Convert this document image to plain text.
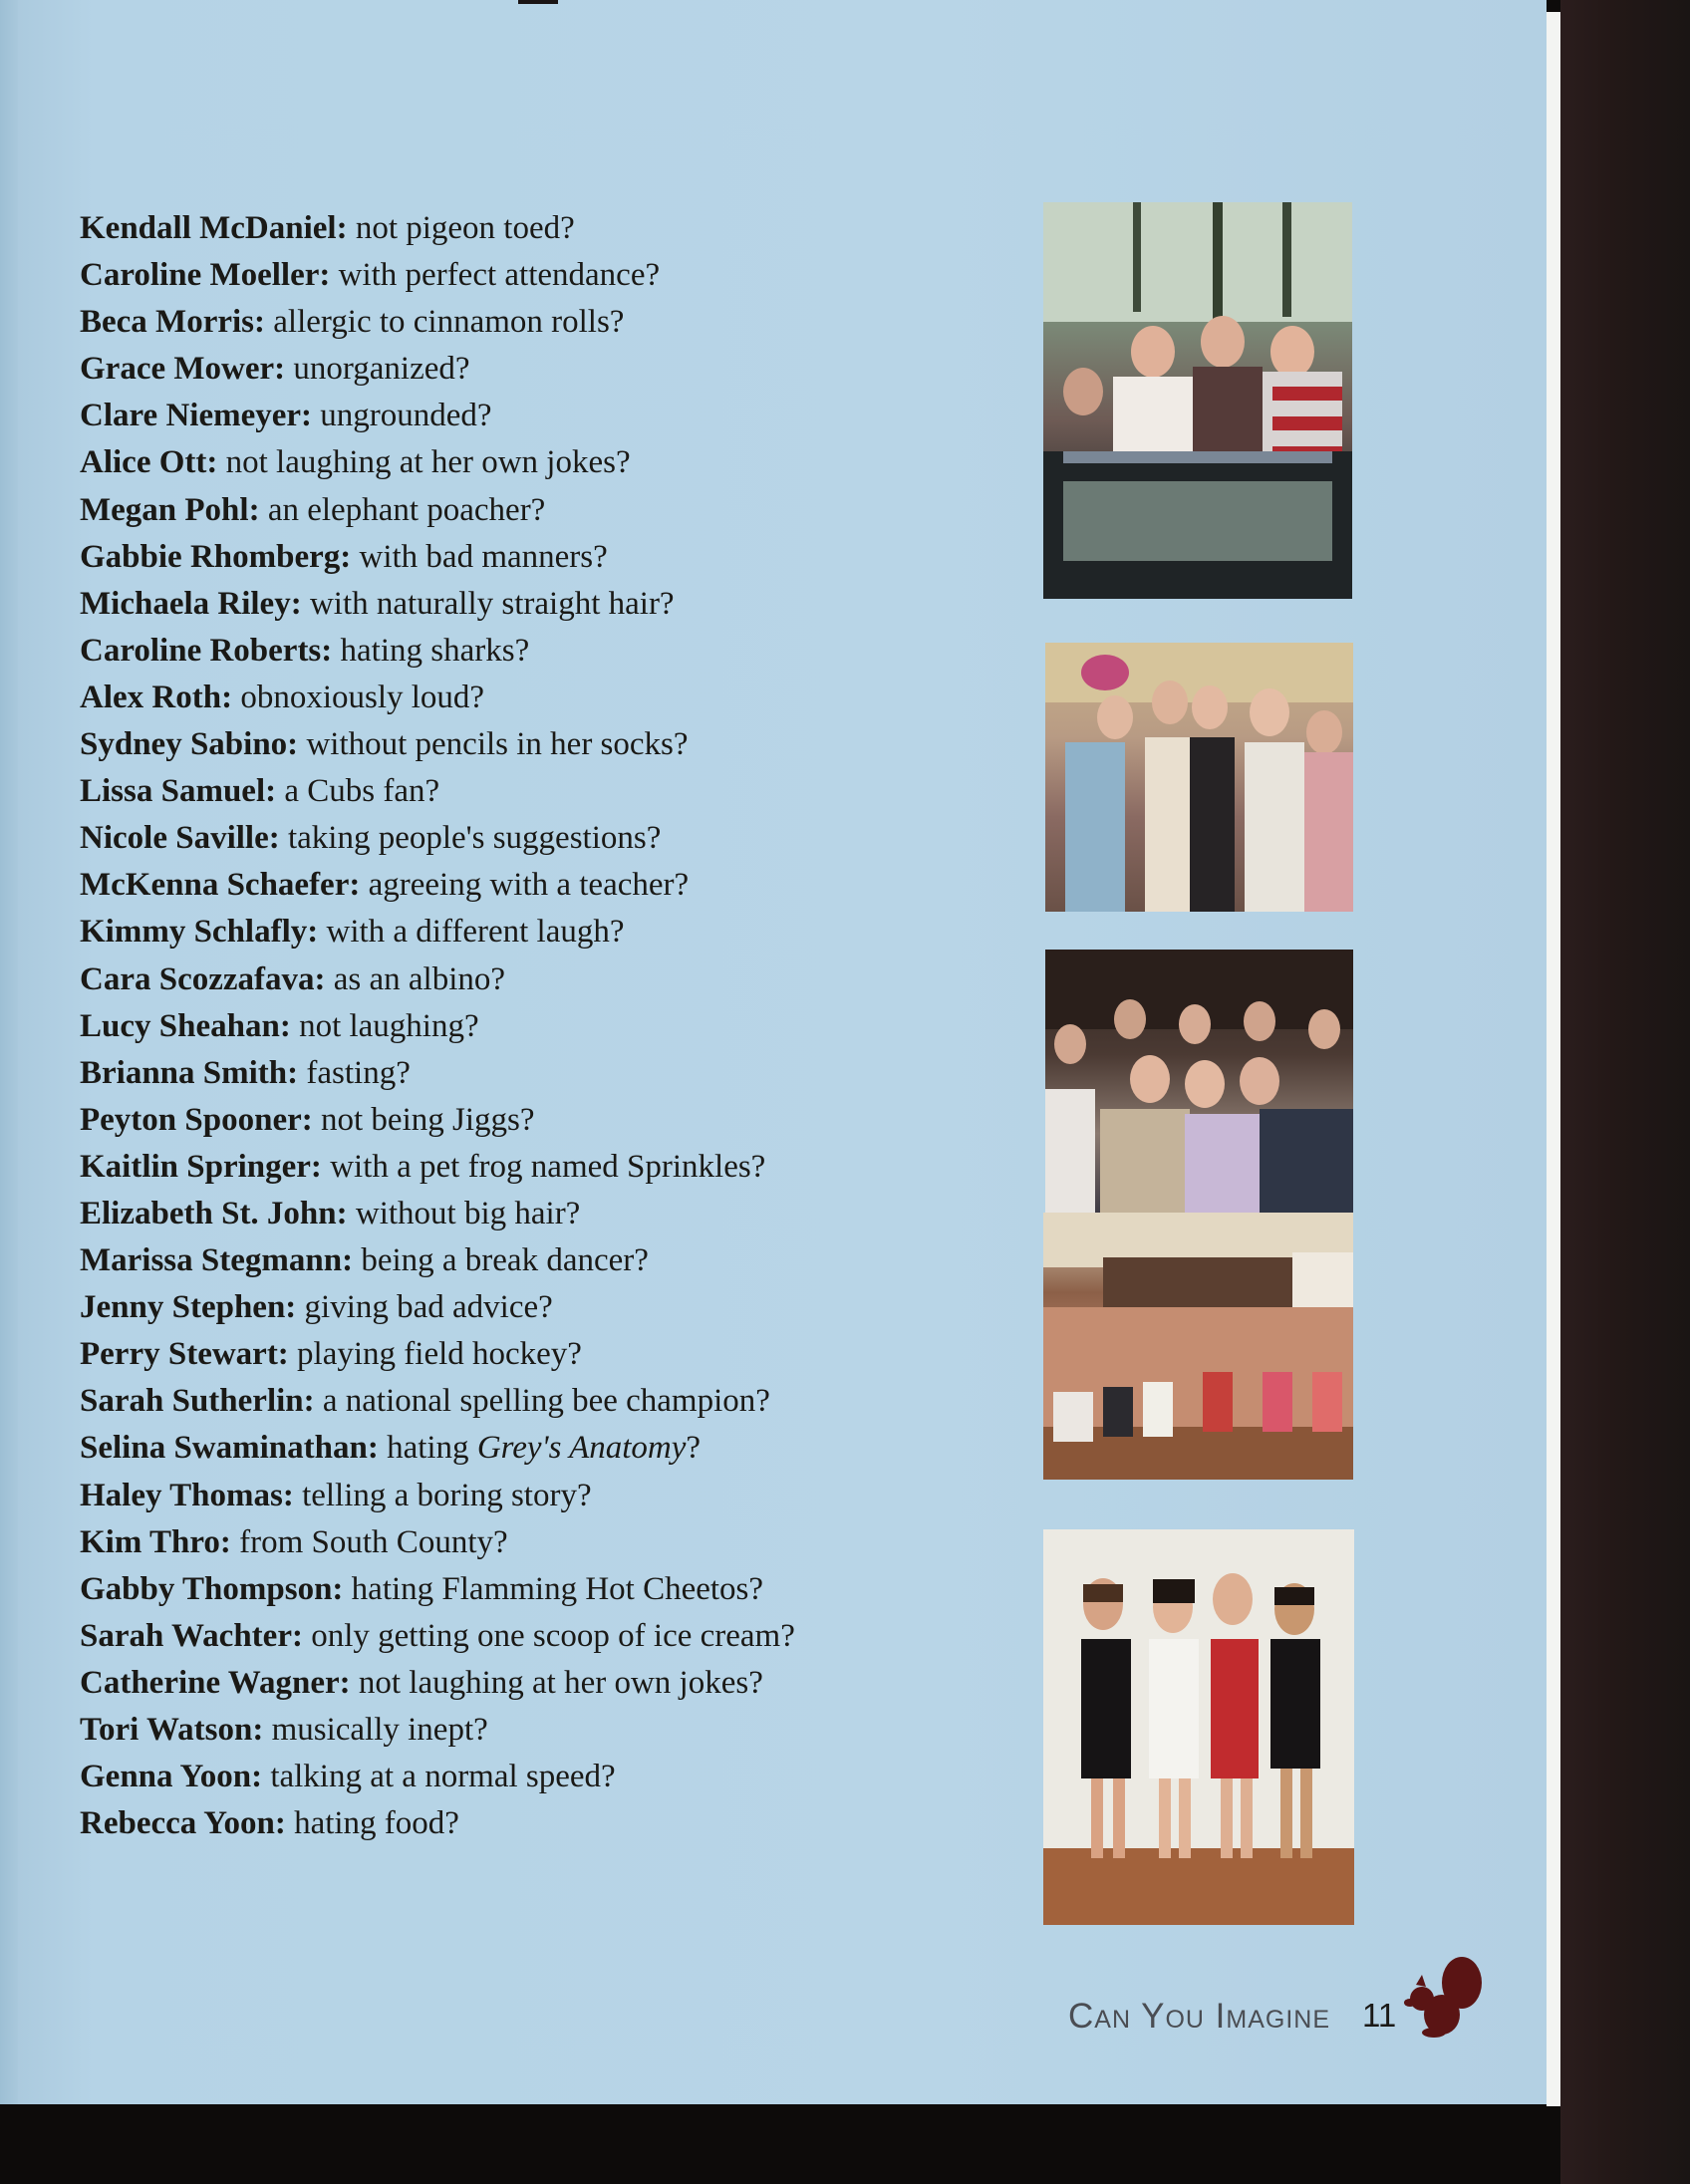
Kendall McDaniel: not pigeon toed?
Caroline Moeller: with perfect attendance?
Beca Morris: allergic to cinnamon rolls?
Grace Mower: unorganized?
Clare Niemeyer: ungrounded?
Alice Ott: not laughing at her own jokes?
Megan Pohl: an elephant poacher?
Gabbie Rhomberg: with bad manners?
Michaela Riley: with naturally straight hair?
Caroline Roberts: hating sharks?
Alex Roth: obnoxiously loud?
Sydney Sabino: without pencils in her socks?
Lissa Samuel: a Cubs fan?
Nicole Saville: taking people's suggestions?
McKenna Schaefer: agreeing with a teacher?
Kimmy Schlafly: with a different laugh?
Cara Scozzafava: as an albino?
Lucy Sheahan: not laughing?
Brianna Smith: fasting?
Peyton Spooner: not being Jiggs?
Kaitlin Springer: with a pet frog named Sprinkles?
Elizabeth St. John: without big hair?
Marissa Stegmann: being a break dancer?
Jenny Stephen: giving bad advice?
Perry Stewart: playing field hockey?
Sarah Sutherlin: a national spelling bee champion?
Selina Swaminathan: hating Grey's Anatomy?
Haley Thomas: telling a boring story?
Kim Thro: from South County?
Gabby Thompson: hating Flamming Hot Cheetos?
Sarah Wachter: only getting one scoop of ice cream?
Catherine Wagner: not laughing at her own jokes?
Tori Watson: musically inept?
Genna Yoon: talking at a normal speed?
Rebecca Yoon: hating food?
Can You Imagine 11
